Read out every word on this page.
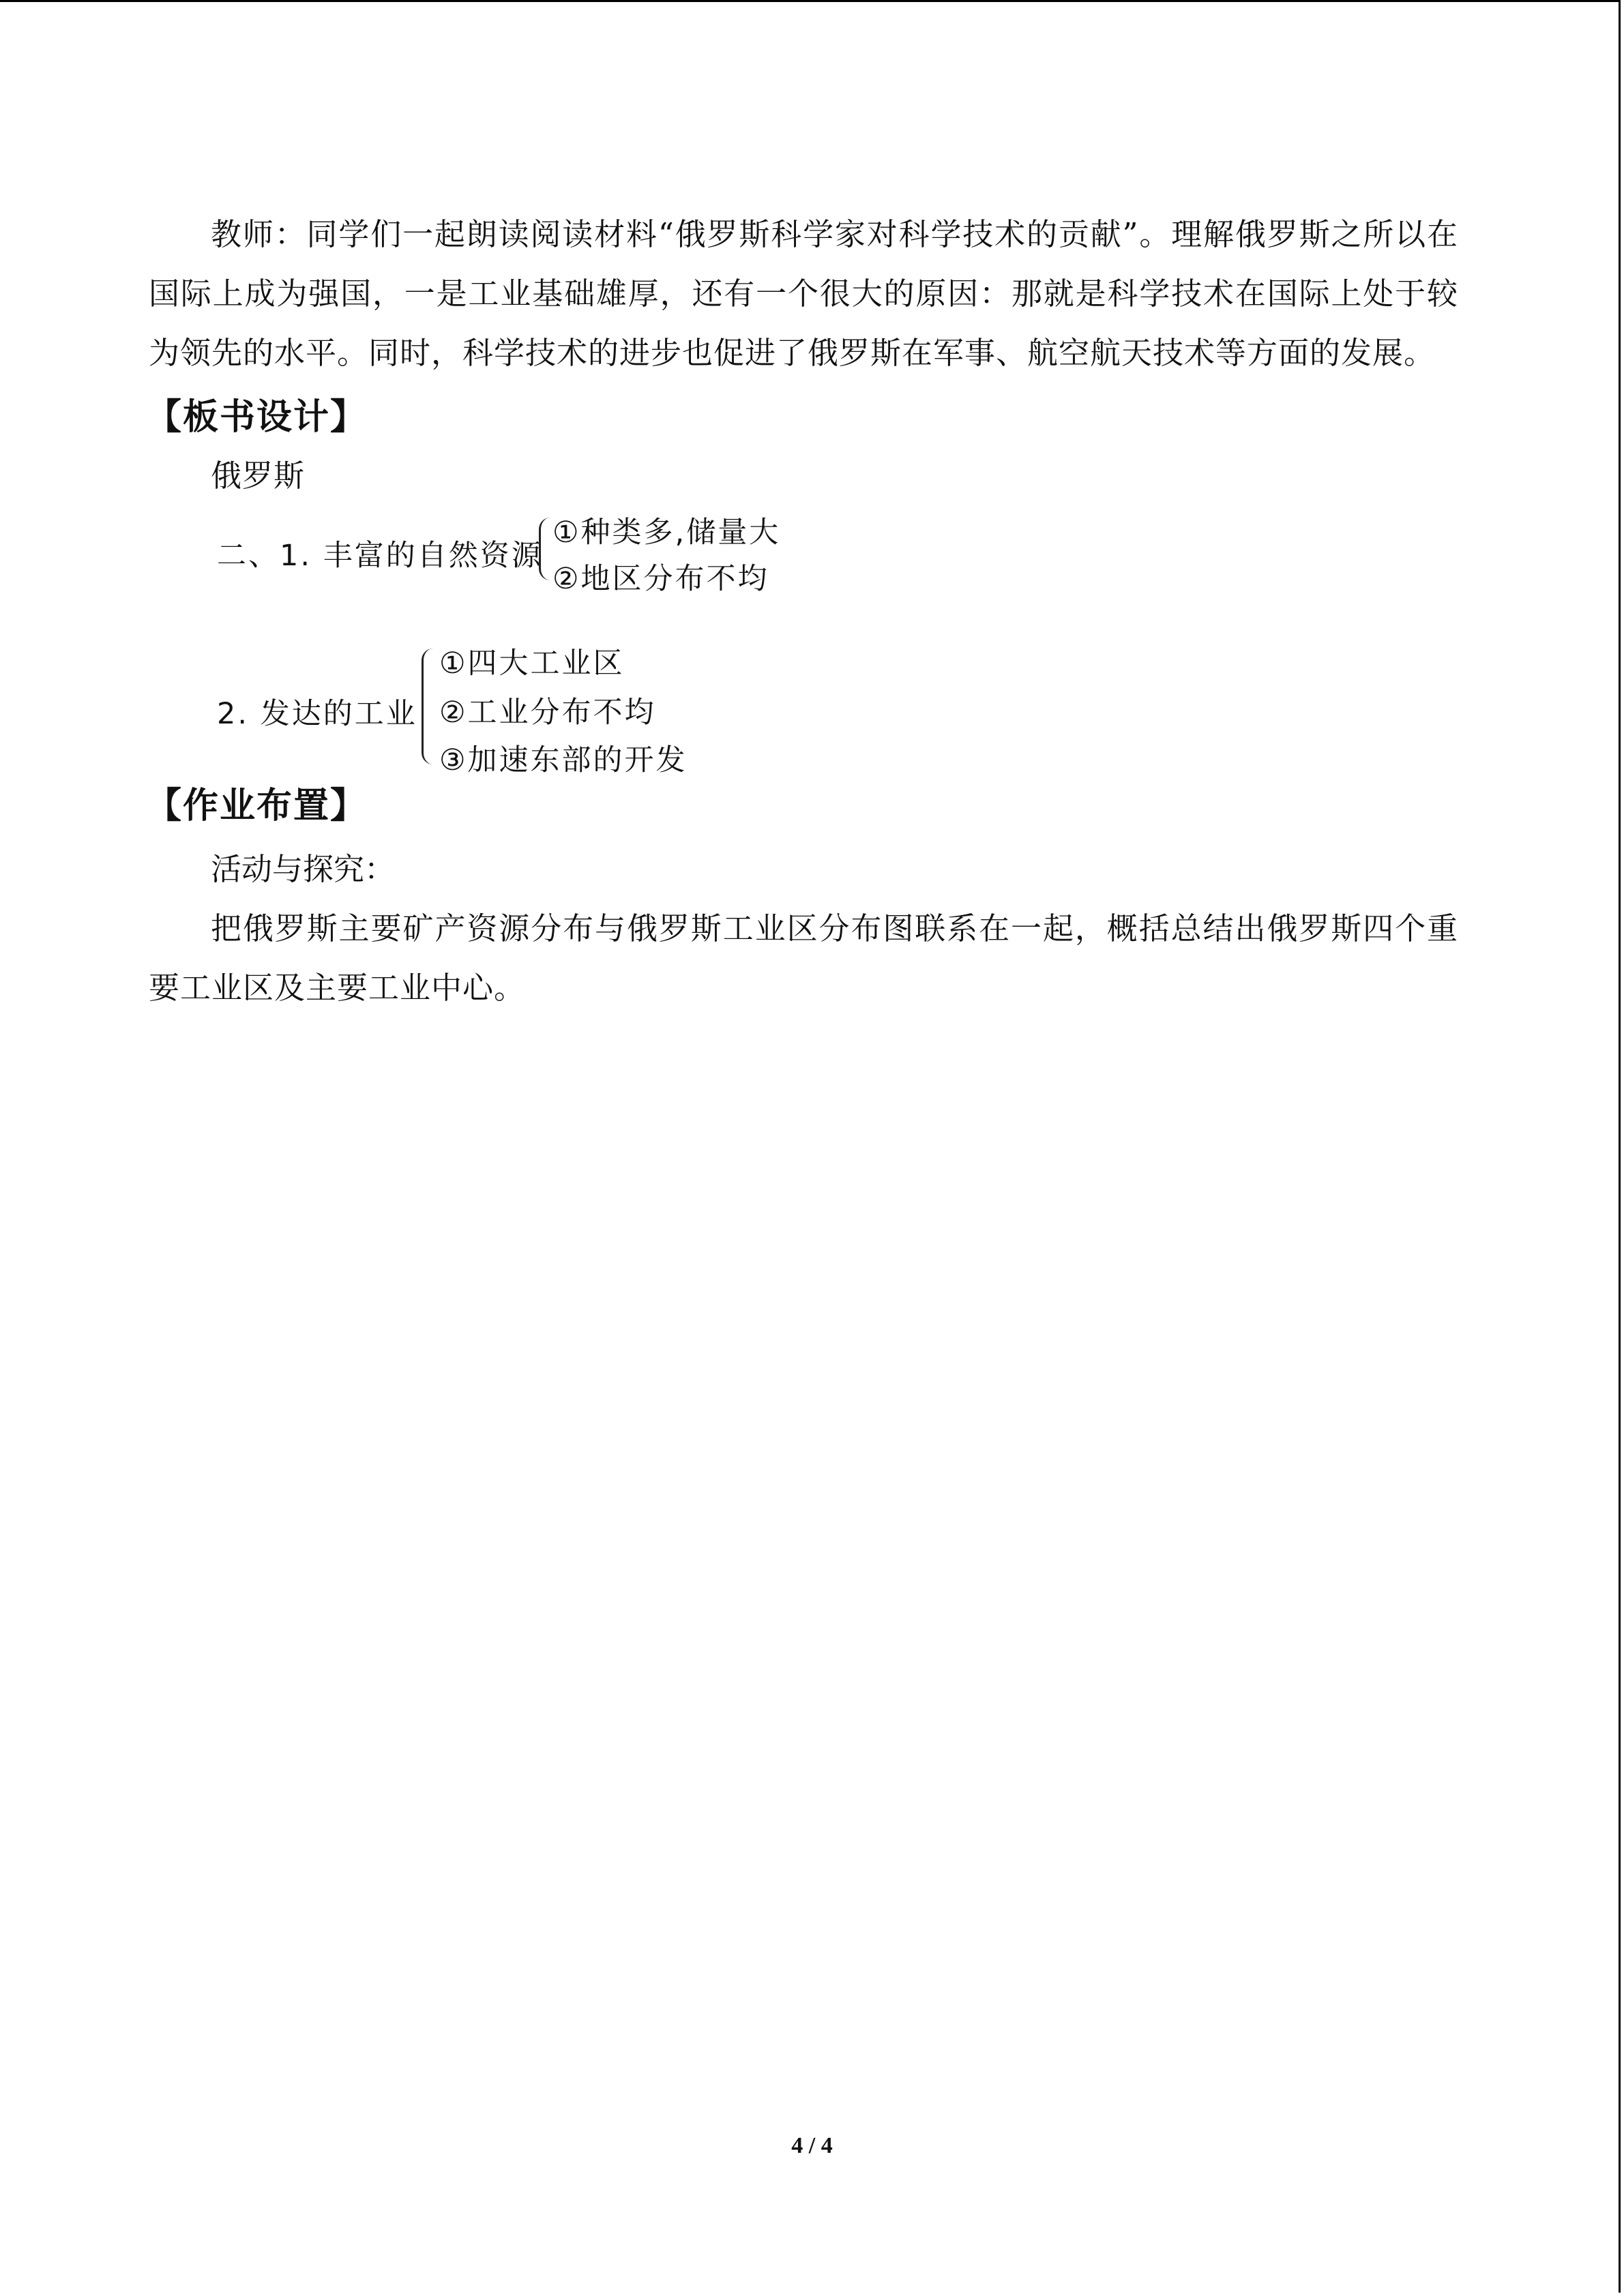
教师：同学们一起朗读阅读材料“俄罗斯科学家对科学技术的贡献”。理解俄罗斯之所以在国际上成为强国，一是工业基础雄厚，还有一个很大的原因：那就是科学技术在国际上处于较为领先的水平。同时，科学技术的进步也促进了俄罗斯在军事、航空航天技术等方面的发展。

【板书设计】
俄罗斯
二、1. 丰富的自然资源
①种类多,储量大
②地区分布不均
2. 发达的工业
①四大工业区
②工业分布不均
③加速东部的开发
【作业布置】

活动与探究：

把俄罗斯主要矿产资源分布与俄罗斯工业区分布图联系在一起，概括总结出俄罗斯四个重要工业区及主要工业中心。

4 / 4
